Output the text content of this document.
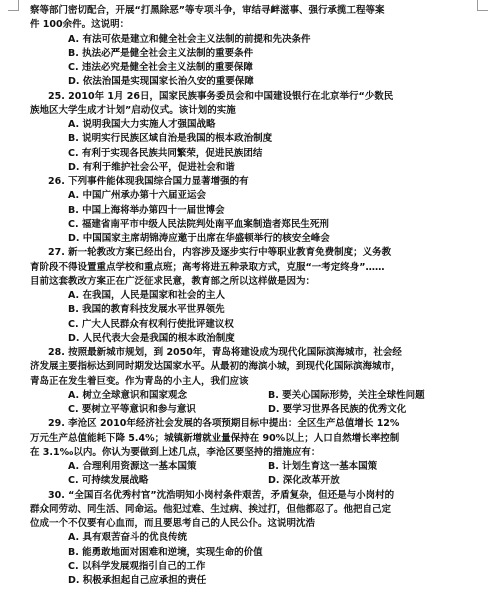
察等部门密切配合，开展“打黑除恶”等专项斗争，审结寻衅滋事、强行承揽工程等案
件 100余件。这说明：
A. 有法可依是建立和健全社会主义法制的前提和先决条件
B. 执法必严是健全社会主义法制的重要条件
C. 违法必究是健全社会主义法制的重要保障
D. 依法治国是实现国家长治久安的重要保障
25. 2010年 1月 26日，国家民族事务委员会和中国建设银行在北京举行“少数民
族地区大学生成才计划”启动仪式。该计划的实施
A. 说明我国大力实施人才强国战略
B. 说明实行民族区域自治是我国的根本政治制度
C. 有利于实现各民族共同繁荣，促进民族团结
D. 有利于维护社会公平，促进社会和谐
26. 下列事件能体现我国综合国力显著增强的有
A. 中国广州承办第十六届亚运会
B. 中国上海将举办第四十一届世博会
C. 福建省南平市中级人民法院判处南平血案制造者郑民生死刑
D. 中国国家主席胡锦涛应邀于出席在华盛顿举行的核安全峰会
27. 新一轮教改方案已经出台，内容涉及逐步实行中等职业教育免费制度；义务教
育阶段不得设置重点学校和重点班；高考将进五种录取方式，克服“一考定终身”……
目前这套教改方案正在广泛征求民意，教育部之所以这样做是因为：
A. 在我国，人民是国家和社会的主人
B. 我国的教育科技发展水平世界领先
C. 广大人民群众有权利行使批评建议权
D. 人民代表大会是我国的根本政治制度
28. 按照最新城市规划，到 2050年，青岛将建设成为现代化国际滨海城市，社会经
济发展主要指标达到同时期发达国家水平。从最初的海滨小城，到现代化国际滨海城市，
青岛正在发生着巨变。作为青岛的小主人，我们应该
A. 树立全球意识和国家观念	B. 要关心国际形势，关注全球性问题
C. 要树立平等意识和参与意识	D. 要学习世界各民族的优秀文化
29. 李沧区 2010年经济社会发展的各项预期目标中提出：全区生产总值增长 12%
万元生产总值能耗下降 5.4%；城镇新增就业量保持在 90%以上；人口自然增长率控制
在 3.1‰以内。你认为要做到上述几点，李沧区要坚持的措施应有：
A. 合理利用资源这一基本国策	B. 计划生育这一基本国策
C. 可持续发展战略	D. 深化改革开放
30. “全国百名优秀村官”沈浩明知小岗村条件艰苦，矛盾复杂，但还是与小岗村的
群众同劳动、同生活、同命运。他犯过难、生过病、挨过打，但他都忍了。他把自己定
位成一个不仅要有心血而，而且要思考自己的人民公仆。这说明沈浩
A. 具有艰苦奋斗的优良传统
B. 能勇敢地面对困难和逆境，实现生命的价值
C. 以科学发展观指引自己的工作
D. 积极承担起自己应承担的责任
